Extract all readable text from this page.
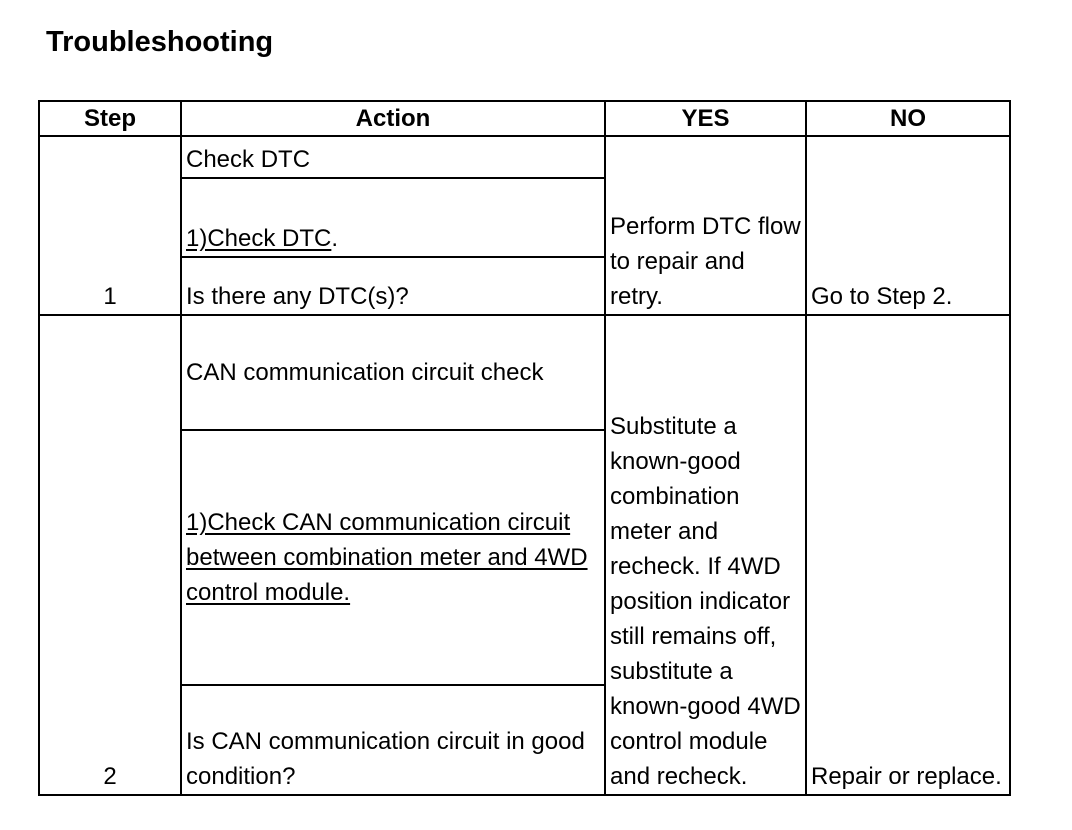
Troubleshooting
Step	Action	YES	NO
1	Check DTC	Perform DTC flow to repair and retry.	Go to Step 2.
	1)Check DTC.		
	Is there any DTC(s)?		
2	CAN communication circuit check	Substitute a known-good combination meter and recheck. If 4WD position indicator still remains off, substitute a known-good 4WD control module and recheck.	Repair or replace.
	1)Check CAN communication circuit between combination meter and 4WD control module.		
	Is CAN communication circuit in good condition?		
